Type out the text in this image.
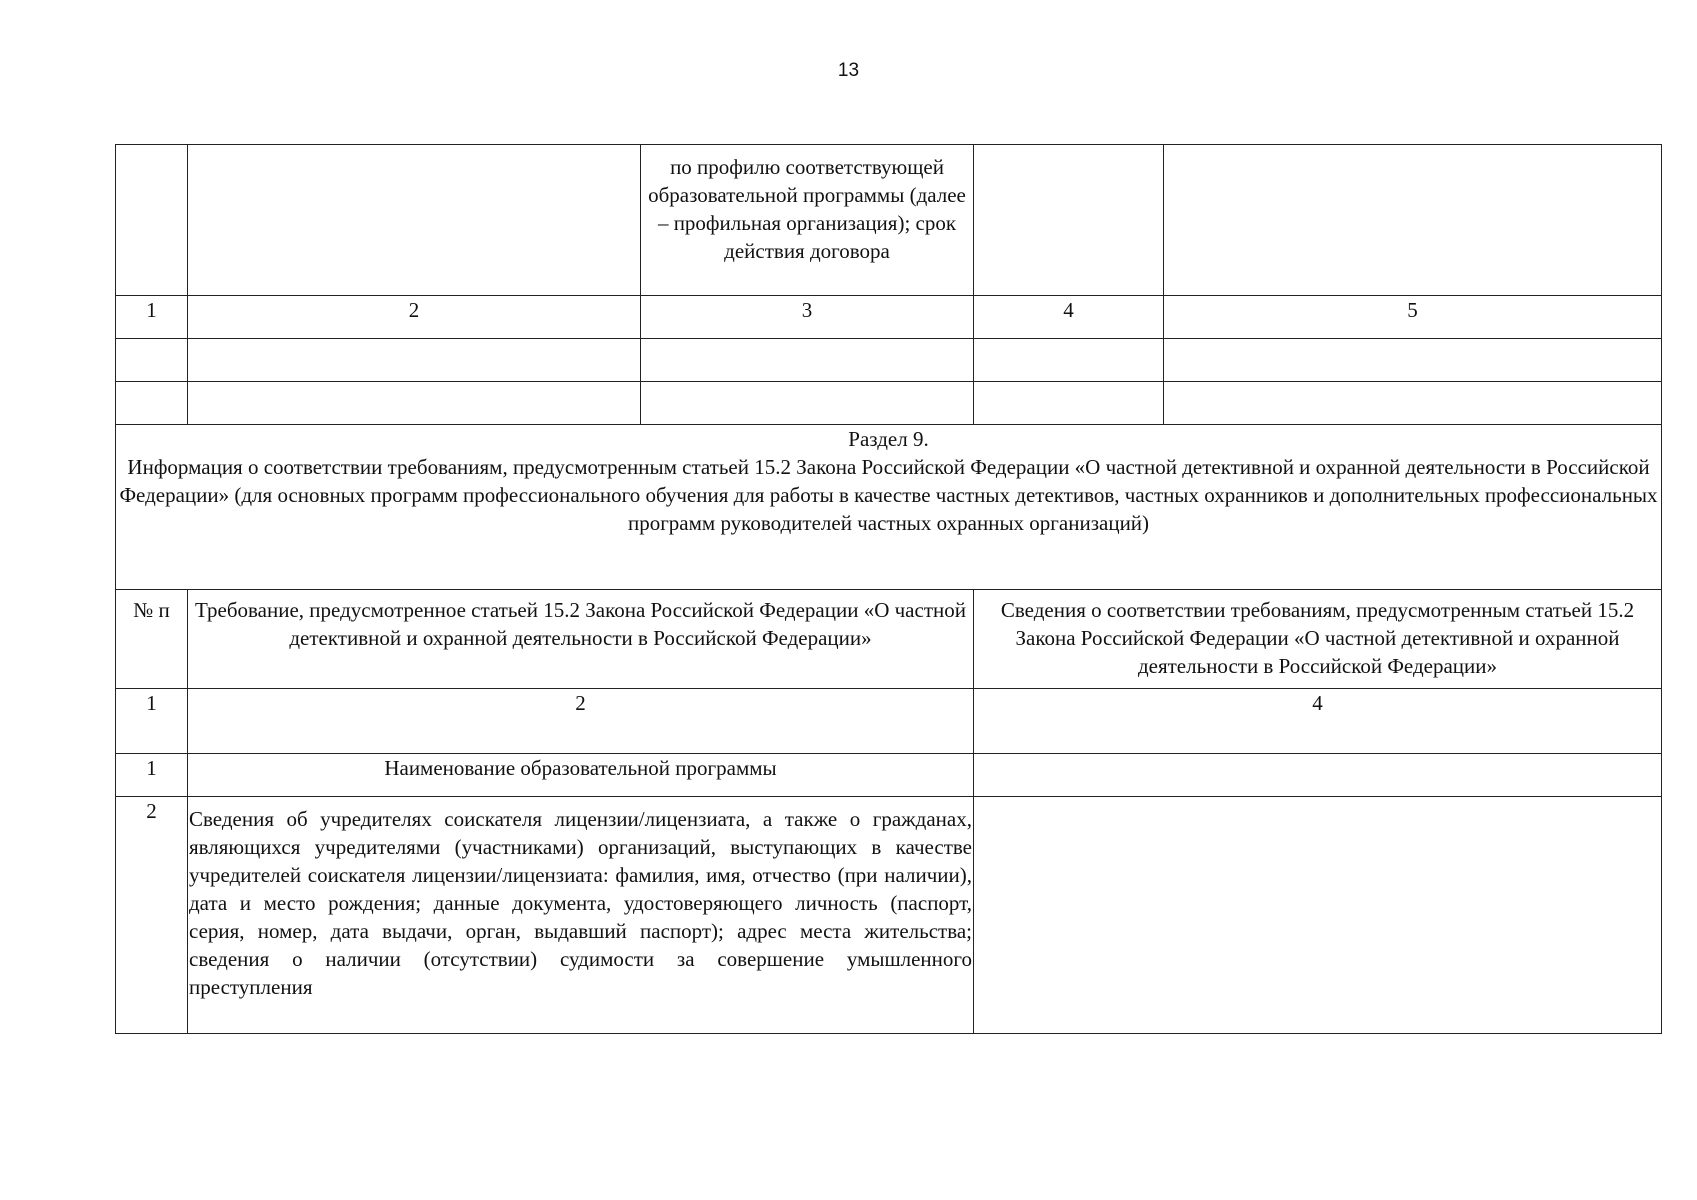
13

		по профилю соответствующей образовательной программы (далее – профильная организация); срок действия договора		

1	2	3	4	5

Раздел 9.
Информация о соответствии требованиям, предусмотренным статьей 15.2 Закона Российской Федерации «О частной детективной и охранной деятельности в Российской Федерации» (для основных программ профессионального обучения для работы в качестве частных детективов, частных охранников и дополнительных профессиональных программ руководителей частных охранных организаций)				

№ п	Требование, предусмотренное статьей 15.2 Закона Российской Федерации «О частной детективной и охранной деятельности в Российской Федерации»		Сведения о соответствии требованиям, предусмотренным статьей 15.2 Закона Российской Федерации «О частной детективной и охранной деятельности в Российской Федерации»	

1	2		4	
1	Наименование образовательной программы			
2	Сведения об учредителях соискателя лицензии/лицензиата, а также о гражданах, являющихся учредителями (участниками) организаций, выступающих в качестве учредителей соискателя лицензии/лицензиата: фамилия, имя, отчество (при наличии), дата и место рождения; данные документа, удостоверяющего личность (паспорт, серия, номер, дата выдачи, орган, выдавший паспорт); адрес места жительства; сведения о наличии (отсутствии) судимости за совершение умышленного преступления			
